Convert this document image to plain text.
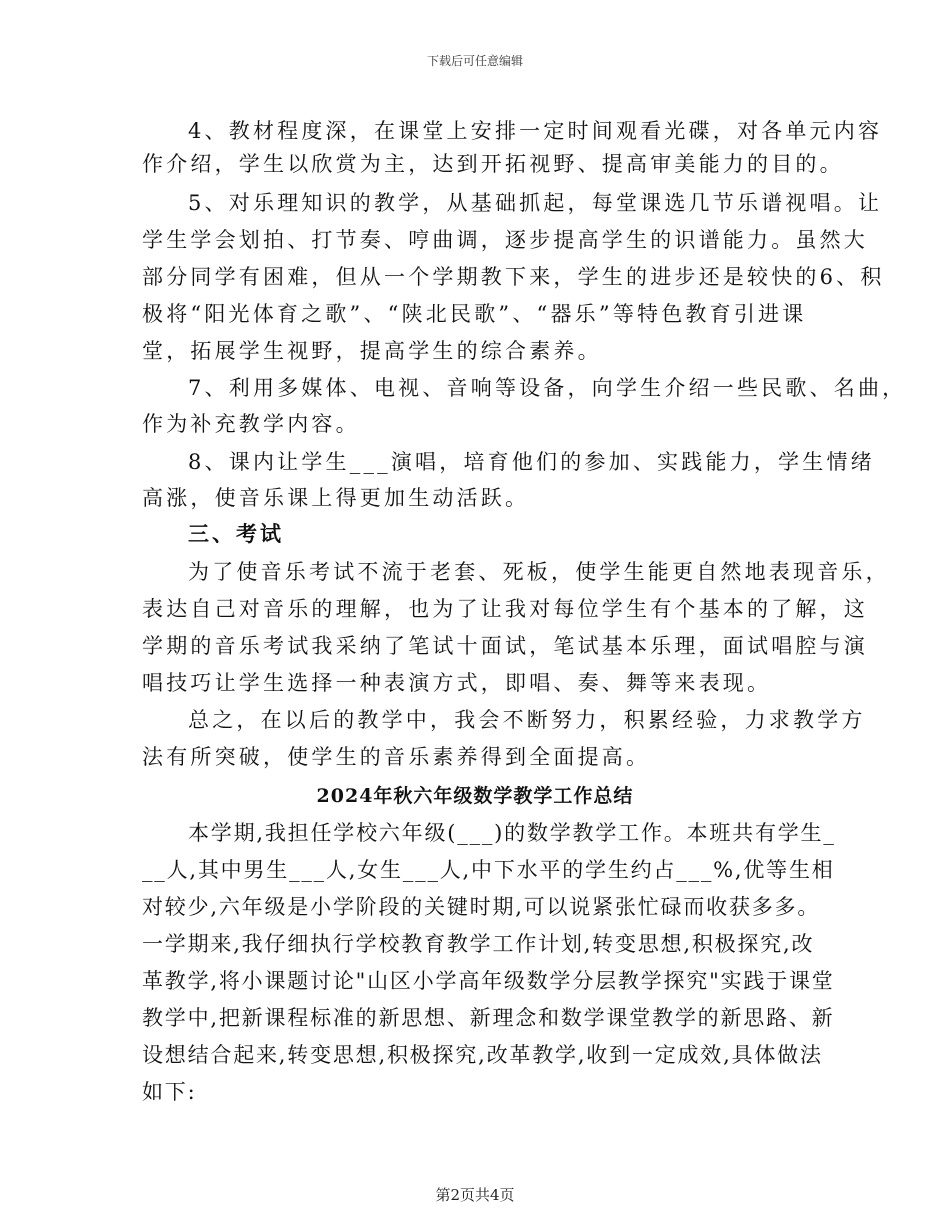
下载后可任意编辑
4、教材程度深，在课堂上安排一定时间观看光碟，对各单元内容
作介绍，学生以欣赏为主，达到开拓视野、提高审美能力的目的。
5、对乐理知识的教学，从基础抓起，每堂课选几节乐谱视唱。让
学生学会划拍、打节奏、哼曲调，逐步提高学生的识谱能力。虽然大
部分同学有困难，但从一个学期教下来，学生的进步还是较快的6、积
极将“阳光体育之歌”、“陕北民歌”、“器乐”等特色教育引进课
堂，拓展学生视野，提高学生的综合素养。
7、利用多媒体、电视、音响等设备，向学生介绍一些民歌、名曲，
作为补充教学内容。
8、课内让学生___演唱，培育他们的参加、实践能力，学生情绪
高涨，使音乐课上得更加生动活跃。
三、考试
为了使音乐考试不流于老套、死板，使学生能更自然地表现音乐，
表达自己对音乐的理解，也为了让我对每位学生有个基本的了解，这
学期的音乐考试我采纳了笔试十面试，笔试基本乐理，面试唱腔与演
唱技巧让学生选择一种表演方式，即唱、奏、舞等来表现。
总之，在以后的教学中，我会不断努力，积累经验，力求教学方
法有所突破，使学生的音乐素养得到全面提高。
2024年秋六年级数学教学工作总结
本学期,我担任学校六年级(___)的数学教学工作。本班共有学生_
__人,其中男生___人,女生___人,中下水平的学生约占___%,优等生相
对较少,六年级是小学阶段的关键时期,可以说紧张忙碌而收获多多。
一学期来,我仔细执行学校教育教学工作计划,转变思想,积极探究,改
革教学,将小课题讨论"山区小学高年级数学分层教学探究"实践于课堂
教学中,把新课程标准的新思想、新理念和数学课堂教学的新思路、新
设想结合起来,转变思想,积极探究,改革教学,收到一定成效,具体做法
如下:
第2页共4页
